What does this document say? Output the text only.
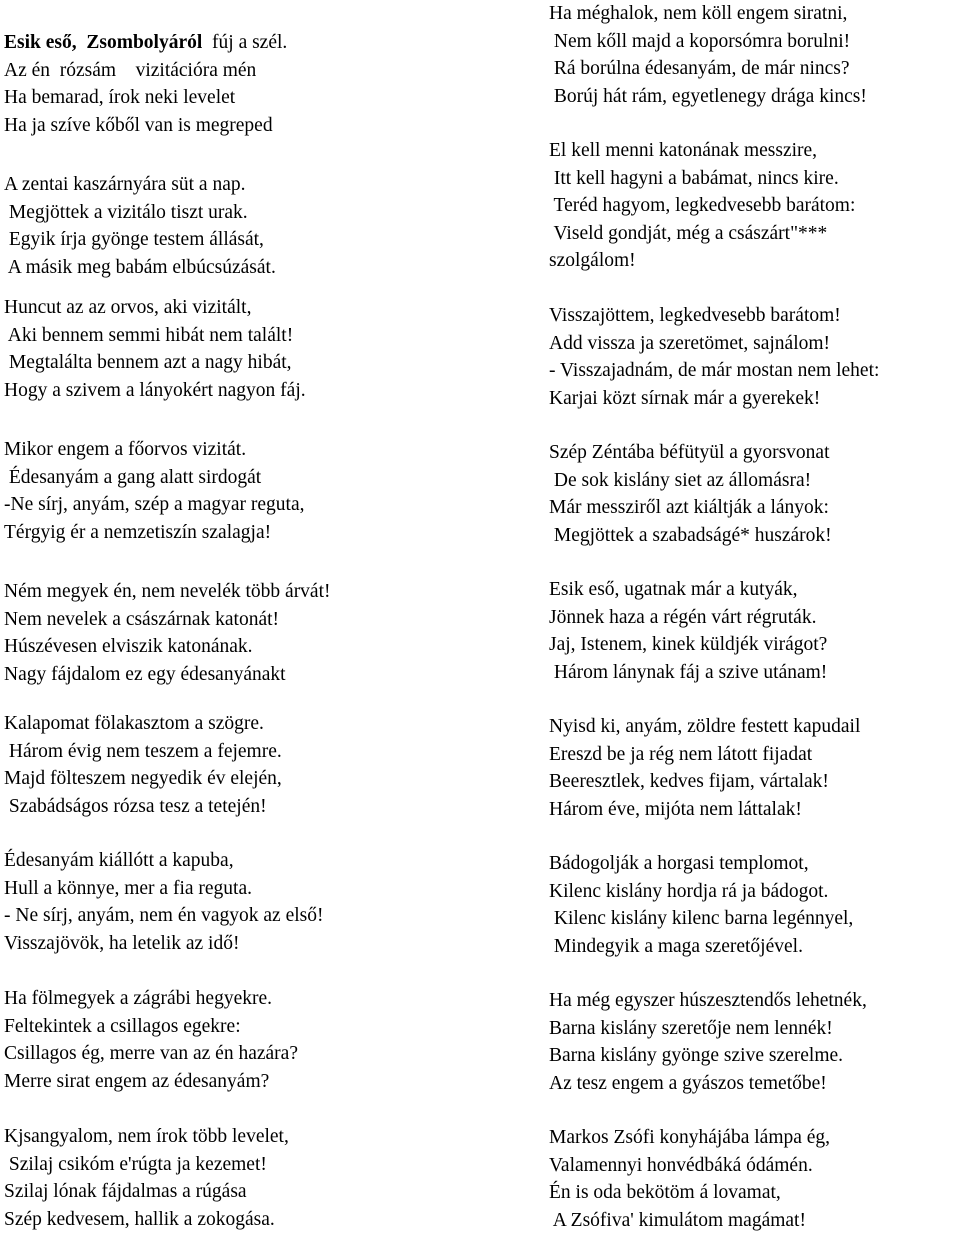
Esik eső,  Zsombolyáról  fúj a szél.
Az én  rózsám    vizitációra mén
Ha bemarad, írok neki levelet
Ha ja szíve kőből van is megreped
A zentai kaszárnyára süt a nap.
Megjöttek a vizitálo tiszt urak.
Egyik írja gyönge testem állását,
A másik meg babám elbúcsúzását.
Huncut az az orvos, aki vizitált,
Aki bennem semmi hibát nem talált!
Megtalálta bennem azt a nagy hibát,
Hogy a szivem a lányokért nagyon fáj.
Mikor engem a főorvos vizitát.
Édesanyám a gang alatt sirdogát
-Ne sírj, anyám, szép a magyar reguta,
Térgyig ér a nemzetiszín szalagja!
Ném megyek én, nem nevelék több árvát!
Nem nevelek a császárnak katonát!
Húszévesen elviszik katonának.
Nagy fájdalom ez egy édesanyánakt
Kalapomat fölakasztom a szögre.
Három évig nem teszem a fejemre.
Majd fölteszem negyedik év elején,
Szabádságos rózsa tesz a tetején!
Édesanyám kiállótt a kapuba,
Hull a könnye, mer a fia reguta.
- Ne sírj, anyám, nem én vagyok az első!
Visszajövök, ha letelik az idő!
Ha fölmegyek a zágrábi hegyekre.
Feltekintek a csillagos egekre:
Csillagos ég, merre van az én hazára?
Merre sirat engem az édesanyám?
Kjsangyalom, nem írok több levelet,
Szilaj csikóm e'rúgta ja kezemet!
Szilaj lónak fájdalmas a rúgása
Szép kedvesem, hallik a zokogása.
Ha méghalok, nem köll engem siratni,
Nem kőll majd a koporsómra borulni!
Rá borúlna édesanyám, de már nincs?
Borúj hát rám, egyetlenegy drága kincs!
El kell menni katonának messzire,
Itt kell hagyni a babámat, nincs kire.
Teréd hagyom, legkedvesebb barátom:
Viseld gondját, még a császárt"***
szolgálom!
Visszajöttem, legkedvesebb barátom!
Add vissza ja szeretömet, sajnálom!
- Visszajadnám, de már mostan nem lehet:
Karjai közt sírnak már a gyerekek!
Szép Zéntába béfütyül a gyorsvonat
De sok kislány siet az állomásra!
Már messziről azt kiáltják a lányok:
Megjöttek a szabadságé* huszárok!
Esik eső, ugatnak már a kutyák,
Jönnek haza a régén várt régruták.
Jaj, Istenem, kinek küldjék virágot?
Három lánynak fáj a szive utánam!
Nyisd ki, anyám, zöldre festett kapudail
Ereszd be ja rég nem látott fijadat
Beeresztlek, kedves fijam, vártalak!
Három éve, mijóta nem láttalak!
Bádogolják a horgasi templomot,
Kilenc kislány hordja rá ja bádogot.
Kilenc kislány kilenc barna legénnyel,
Mindegyik a maga szeretőjével.
Ha még egyszer húszesztendős lehetnék,
Barna kislány szeretője nem lennék!
Barna kislány gyönge szive szerelme.
Az tesz engem a gyászos temetőbe!
Markos Zsófi konyhájába lámpa ég,
Valamennyi honvédbáká ódámén.
Én is oda bekötöm á lovamat,
A Zsófiva' kimulátom magámat!
